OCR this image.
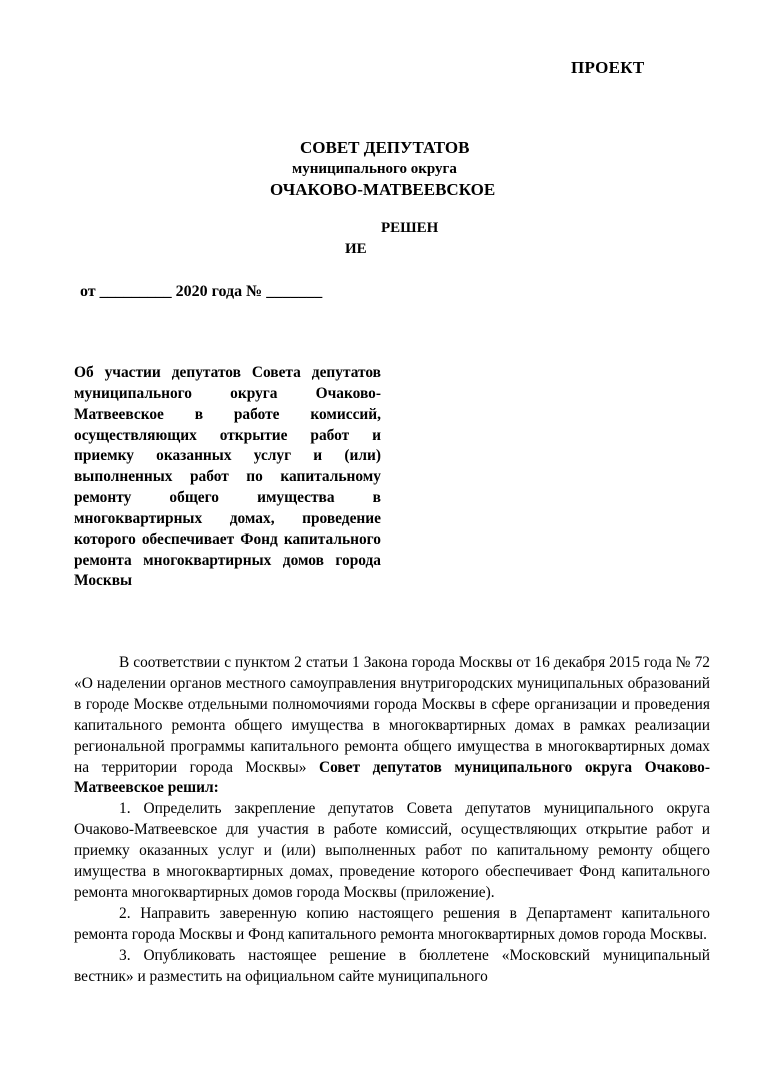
ПРОЕКТ
СОВЕТ ДЕПУТАТОВ
муниципального округа
ОЧАКОВО-МАТВЕЕВСКОЕ
РЕШЕН
ИЕ
от _________ 2020 года № _______
Об участии депутатов Совета депутатов муниципального округа Очаково-Матвеевское в работе комиссий, осуществляющих открытие работ и приемку оказанных услуг и (или) выполненных работ по капитальному ремонту общего имущества в многоквартирных домах, проведение которого обеспечивает Фонд капитального ремонта многоквартирных домов города Москвы

В соответствии с пунктом 2 статьи 1 Закона города Москвы от 16 декабря 2015 года № 72 «О наделении органов местного самоуправления внутригородских муниципальных образований в городе Москве отдельными полномочиями города Москвы в сфере организации и проведения капитального ремонта общего имущества в многоквартирных домах в рамках реализации региональной программы капитального ремонта общего имущества в многоквартирных домах на территории города Москвы» Совет депутатов муниципального округа Очаково-Матвеевское решил:

1. Определить закрепление депутатов Совета депутатов муниципального округа Очаково-Матвеевское для участия в работе комиссий, осуществляющих открытие работ и приемку оказанных услуг и (или) выполненных работ по капитальному ремонту общего имущества в многоквартирных домах, проведение которого обеспечивает Фонд капитального ремонта многоквартирных домов города Москвы (приложение).

2. Направить заверенную копию настоящего решения в Департамент капитального ремонта города Москвы и Фонд капитального ремонта многоквартирных домов города Москвы.

3. Опубликовать настоящее решение в бюллетене «Московский муниципальный вестник» и разместить на официальном сайте муниципального
